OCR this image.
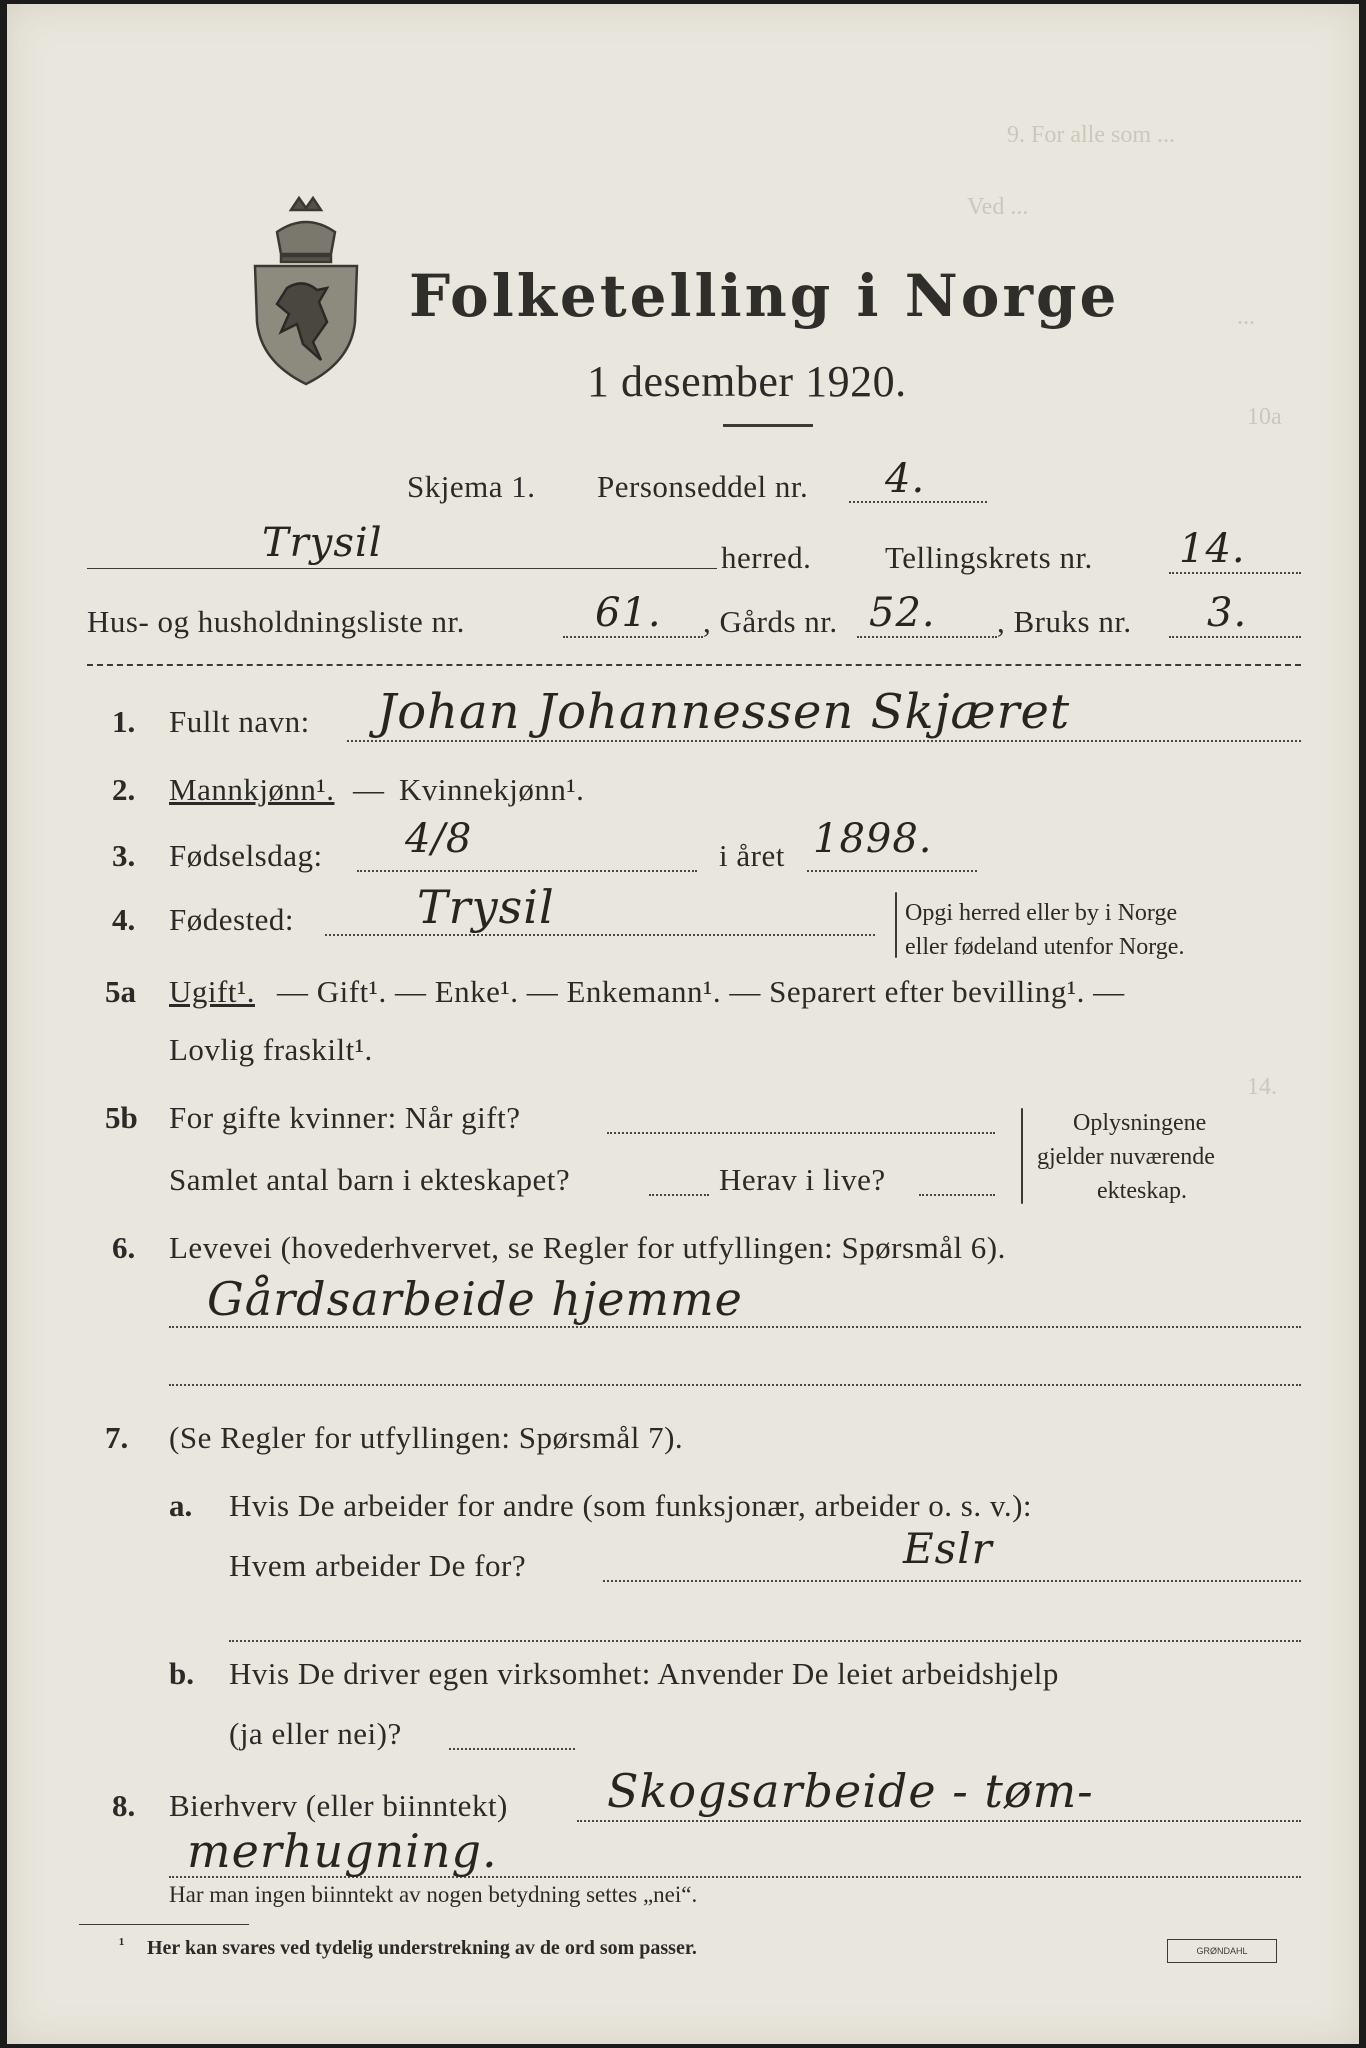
9. For alle som ...
Ved ...
...
10a
14.
Folketelling i Norge
1 desember 1920.
Skjema 1. Personseddel nr. 4.
Trysil	herred. Tellingskrets nr. 14.
Hus- og husholdningsliste nr.	61. , Gårds nr. 52. , Bruks nr. 3.
1. Fullt navn: Johan Johannessen Skjæret
2. Mannkjønn¹. — Kvinnekjønn¹.
3. Fødselsdag: 4/8	i året 1898.
4. Fødested:	Trysil	Opgi herred eller by i Norge
eller fødeland utenfor Norge.
5a Ugift¹. — Gift¹. — Enke¹. — Enkemann¹. — Separert efter bevilling¹. —
Lovlig fraskilt¹.
5b For gifte kvinner: Når gift?
Samlet antal barn i ekteskapet?	Herav i live?
Oplysningene
gjelder nuværende
ekteskap.
6. Levevei (hovederhvervet, se Regler for utfyllingen: Spørsmål 6).
Gårdsarbeide hjemme
7. (Se Regler for utfyllingen: Spørsmål 7).
a. Hvis De arbeider for andre (som funksjonær, arbeider o. s. v.):
Hvem arbeider De for?	Eslr
b. Hvis De driver egen virksomhet: Anvender De leiet arbeidshjelp
(ja eller nei)?
8. Bierhverv (eller biinntekt) Skogsarbeide - tøm-
merhugning.
Har man ingen biinntekt av nogen betydning settes „nei“.
¹ Her kan svares ved tydelig understrekning av de ord som passer.	GRØNDAHL
